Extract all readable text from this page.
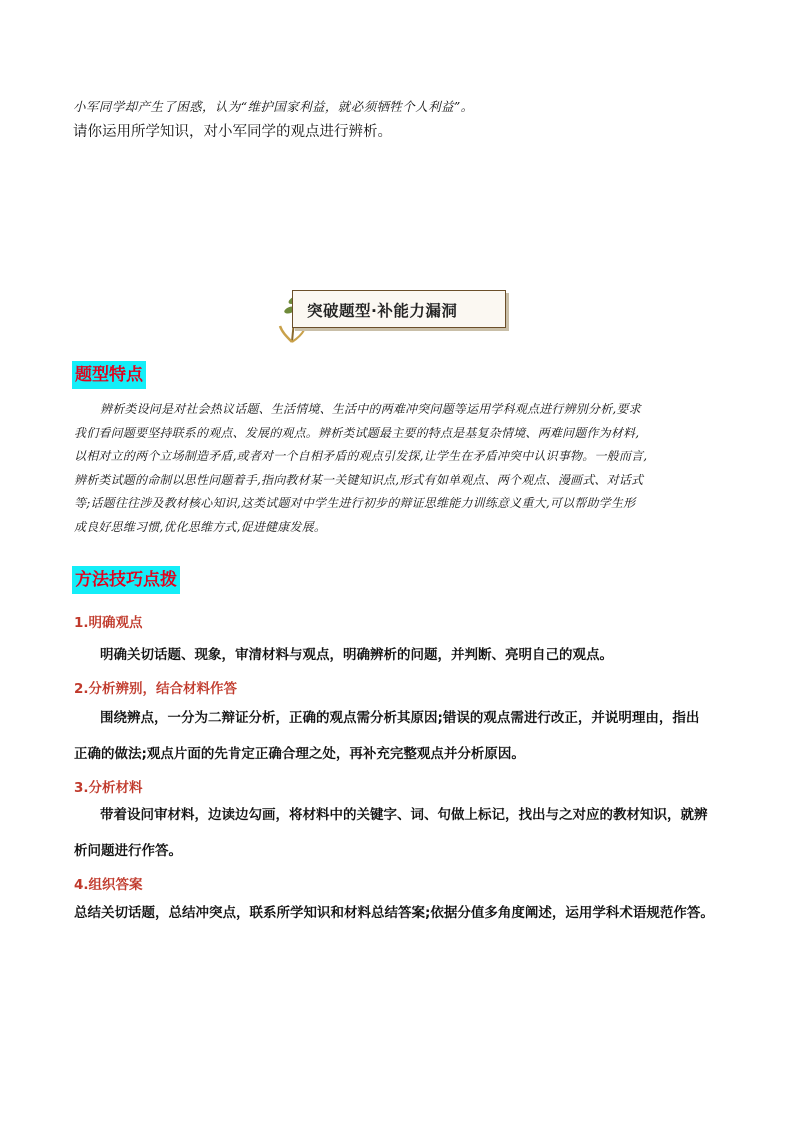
小军同学却产生了困惑，认为“维护国家利益，就必须牺牲个人利益”。
请你运用所学知识，对小军同学的观点进行辨析。
突破题型·补能力漏洞
题型特点
辨析类设问是对社会热议话题、生活情境、生活中的两难冲突问题等运用学科观点进行辨别分析,要求
我们看问题要坚持联系的观点、发展的观点。辨析类试题最主要的特点是基复杂情境、两难问题作为材料,
以相对立的两个立场制造矛盾,或者对一个自相矛盾的观点引发探,让学生在矛盾冲突中认识事物。一般而言,
辨析类试题的命制以思性问题着手,指向教材某一关键知识点,形式有如单观点、两个观点、漫画式、对话式
等;话题往往涉及教材核心知识,这类试题对中学生进行初步的辩证思维能力训练意义重大,可以帮助学生形
成良好思维习惯,优化思维方式,促进健康发展。
方法技巧点拨
1.明确观点
明确关切话题、现象，审清材料与观点，明确辨析的问题，并判断、亮明自己的观点。
2.分析辨别，结合材料作答
围绕辨点，一分为二辩证分析，正确的观点需分析其原因;错误的观点需进行改正，并说明理由，指出
正确的做法;观点片面的先肯定正确合理之处，再补充完整观点并分析原因。
3.分析材料
带着设问审材料，边读边勾画，将材料中的关键字、词、句做上标记，找出与之对应的教材知识，就辨
析问题进行作答。
4.组织答案
总结关切话题，总结冲突点，联系所学知识和材料总结答案;依据分值多角度阐述，运用学科术语规范作答。
